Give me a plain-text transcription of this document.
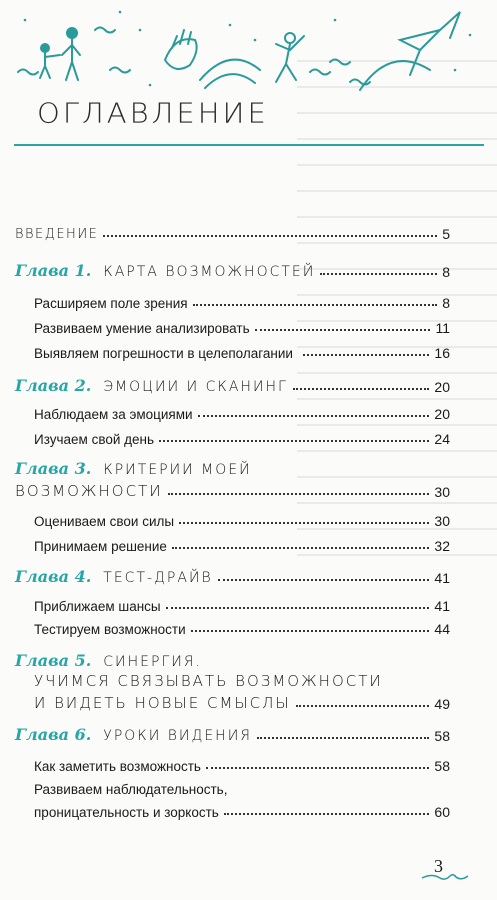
ОГЛАВЛЕНИЕ
ВВЕДЕНИЕ	5
Глава 1. КАРТА ВОЗМОЖНОСТЕЙ	8
Расширяем поле зрения	8
Развиваем умение анализировать	11
Выявляем погрешности в целеполагании	16
Глава 2. ЭМОЦИИ И СКАНИНГ	20
Наблюдаем за эмоциями	20
Изучаем свой день	24
Глава 3. КРИТЕРИИ МОЕЙ
ВОЗМОЖНОСТИ	30
Оцениваем свои силы	30
Принимаем решение	32
Глава 4. ТЕСТ-ДРАЙВ	41
Приближаем шансы	41
Тестируем возможности	44
Глава 5. СИНЕРГИЯ.
УЧИМСЯ СВЯЗЫВАТЬ ВОЗМОЖНОСТИ
И ВИДЕТЬ НОВЫЕ СМЫСЛЫ	49
Глава 6. УРОКИ ВИДЕНИЯ	58
Как заметить возможность	58
Развиваем наблюдательность,
проницательность и зоркость	60
3
